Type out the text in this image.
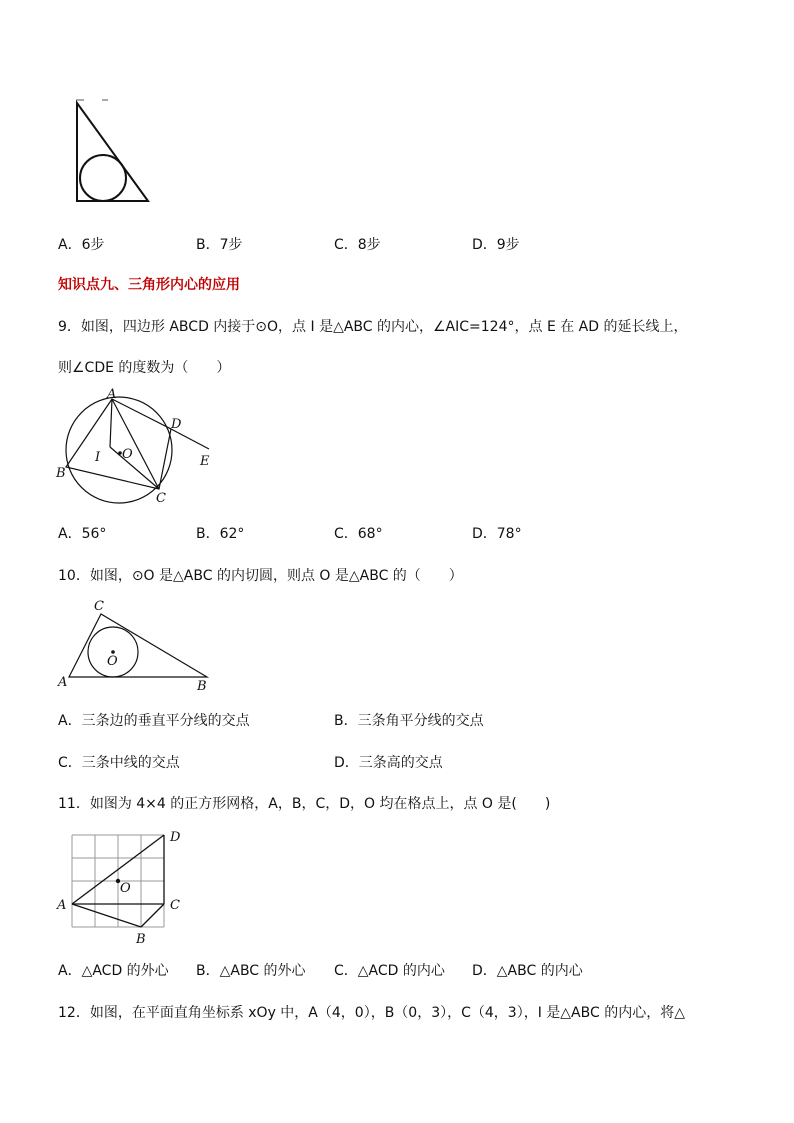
A．6步	B．7步	C．8步	D．9步
知识点九、三角形内心的应用
9．如图，四边形 ABCD 内接于⊙O，点 I 是△ABC 的内心，∠AIC=124°，点 E 在 AD 的延长线上，
则∠CDE 的度数为（　　）
A
B
C
D
E
I O
A．56°	B．62°	C．68°	D．78°
10．如图，⊙O 是△ABC 的内切圆，则点 O 是△ABC 的（　　）
C
A	B
O
A．三条边的垂直平分线的交点	B．三条角平分线的交点
C．三条中线的交点	D．三条高的交点
11．如图为 4×4 的正方形网格，A，B，C，D，O 均在格点上，点 O 是(　　)
D
A	C
B
O
A．△ACD 的外心 B．△ABC 的外心 C．△ACD 的内心 D．△ABC 的内心
12．如图，在平面直角坐标系 xOy 中，A（4，0），B（0，3），C（4，3），I 是△ABC 的内心，将△
